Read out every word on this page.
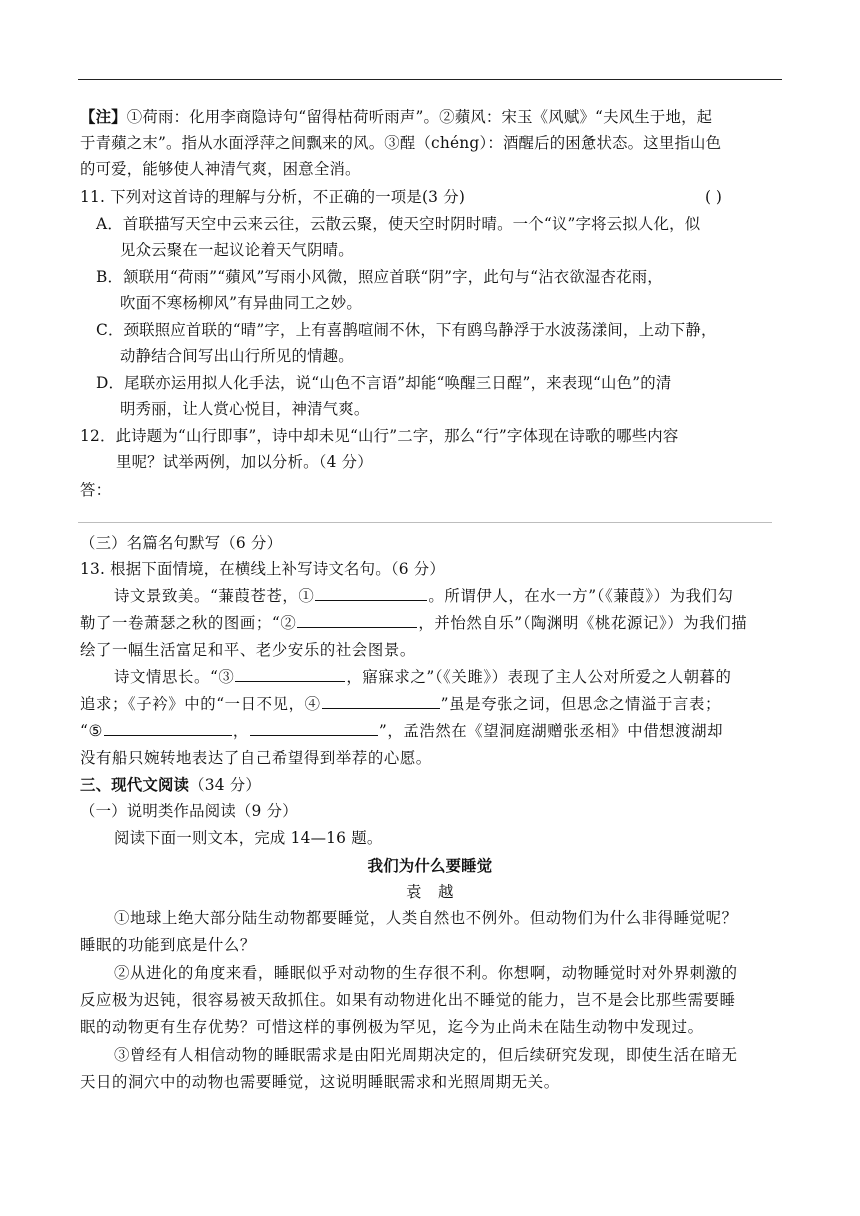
【注】①荷雨：化用李商隐诗句“留得枯荷听雨声”。②蘋风：宋玉《风赋》“夫风生于地，起
于青蘋之末”。指从水面浮萍之间飘来的风。③酲（chéng）：酒醒后的困惫状态。这里指山色
的可爱，能够使人神清气爽，困意全消。
11. 下列对这首诗的理解与分析，不正确的一项是(3 分)	( )
A．首联描写天空中云来云往，云散云聚，使天空时阴时晴。一个“议”字将云拟人化，似
见众云聚在一起议论着天气阴晴。
B．颔联用“荷雨”“蘋风”写雨小风微，照应首联“阴”字，此句与“沾衣欲湿杏花雨，
吹面不寒杨柳风”有异曲同工之妙。
C．颈联照应首联的“晴”字，上有喜鹊喧闹不休，下有鸥鸟静浮于水波荡漾间，上动下静，
动静结合间写出山行所见的情趣。
D．尾联亦运用拟人化手法，说“山色不言语”却能“唤醒三日酲”，来表现“山色”的清
明秀丽，让人赏心悦目，神清气爽。
12．此诗题为“山行即事”，诗中却未见“山行”二字，那么“行”字体现在诗歌的哪些内容
里呢？试举两例，加以分析。（4 分）
答：
（三）名篇名句默写（6 分）
13. 根据下面情境，在横线上补写诗文名句。（6 分）
诗文景致美。“蒹葭苍苍，①	。所谓伊人，在水一方”（《蒹葭》）为我们勾
勒了一卷萧瑟之秋的图画；“②	，并怡然自乐”（陶渊明《桃花源记》）为我们描
绘了一幅生活富足和平、老少安乐的社会图景。
诗文情思长。“③	，寤寐求之”（《关雎》）表现了主人公对所爱之人朝暮的
追求；《子衿》中的“一日不见，④	”虽是夸张之词，但思念之情溢于言表；
“⑤	，	”，孟浩然在《望洞庭湖赠张丞相》中借想渡湖却
没有船只婉转地表达了自己希望得到举荐的心愿。
三、现代文阅读（34 分）
（一）说明类作品阅读（9 分）
阅读下面一则文本，完成 14—16 题。
我们为什么要睡觉
袁　越
①地球上绝大部分陆生动物都要睡觉，人类自然也不例外。但动物们为什么非得睡觉呢？
睡眠的功能到底是什么？
②从进化的角度来看，睡眠似乎对动物的生存很不利。你想啊，动物睡觉时对外界刺激的
反应极为迟钝，很容易被天敌抓住。如果有动物进化出不睡觉的能力，岂不是会比那些需要睡
眠的动物更有生存优势？可惜这样的事例极为罕见，迄今为止尚未在陆生动物中发现过。
③曾经有人相信动物的睡眠需求是由阳光周期决定的，但后续研究发现，即使生活在暗无
天日的洞穴中的动物也需要睡觉，这说明睡眠需求和光照周期无关。
